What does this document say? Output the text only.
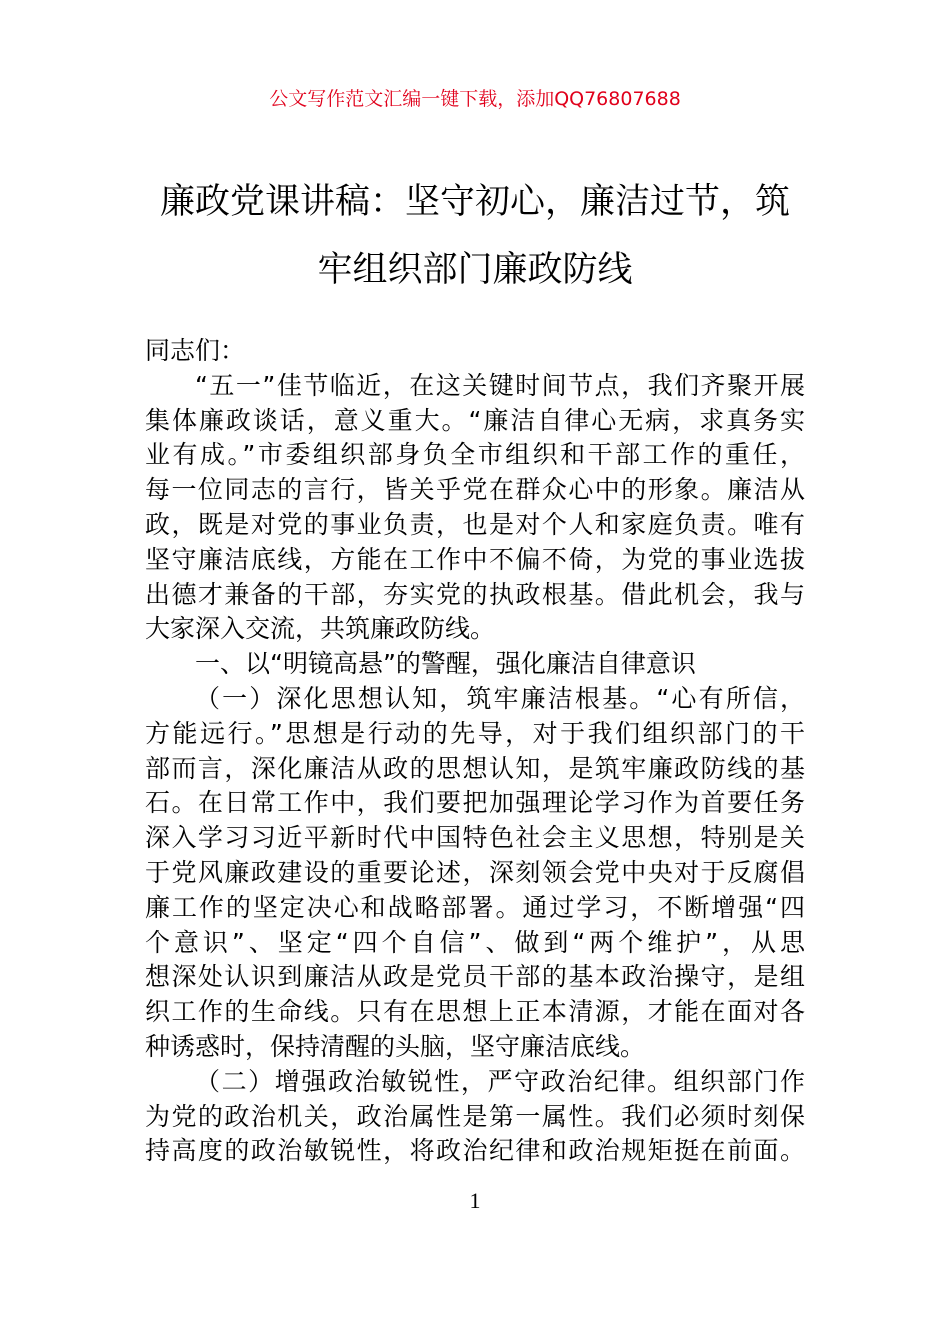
公文写作范文汇编一键下载，添加QQ76807688
廉政党课讲稿：坚守初心，廉洁过节，筑
牢组织部门廉政防线
同志们：
“五一”佳节临近，在这关键时间节点，我们齐聚开展
集体廉政谈话，意义重大。“廉洁自律心无病，求真务实
业有成。”市委组织部身负全市组织和干部工作的重任，
每一位同志的言行，皆关乎党在群众心中的形象。廉洁从
政，既是对党的事业负责，也是对个人和家庭负责。唯有
坚守廉洁底线，方能在工作中不偏不倚，为党的事业选拔
出德才兼备的干部，夯实党的执政根基。借此机会，我与
大家深入交流，共筑廉政防线。
一、以“明镜高悬”的警醒，强化廉洁自律意识
（一）深化思想认知，筑牢廉洁根基。“心有所信，
方能远行。”思想是行动的先导，对于我们组织部门的干
部而言，深化廉洁从政的思想认知，是筑牢廉政防线的基
石。在日常工作中，我们要把加强理论学习作为首要任务
深入学习习近平新时代中国特色社会主义思想，特别是关
于党风廉政建设的重要论述，深刻领会党中央对于反腐倡
廉工作的坚定决心和战略部署。通过学习，不断增强“四
个意识”、坚定“四个自信”、做到“两个维护”，从思
想深处认识到廉洁从政是党员干部的基本政治操守，是组
织工作的生命线。只有在思想上正本清源，才能在面对各
种诱惑时，保持清醒的头脑，坚守廉洁底线。
（二）增强政治敏锐性，严守政治纪律。组织部门作
为党的政治机关，政治属性是第一属性。我们必须时刻保
持高度的政治敏锐性，将政治纪律和政治规矩挺在前面。
1
